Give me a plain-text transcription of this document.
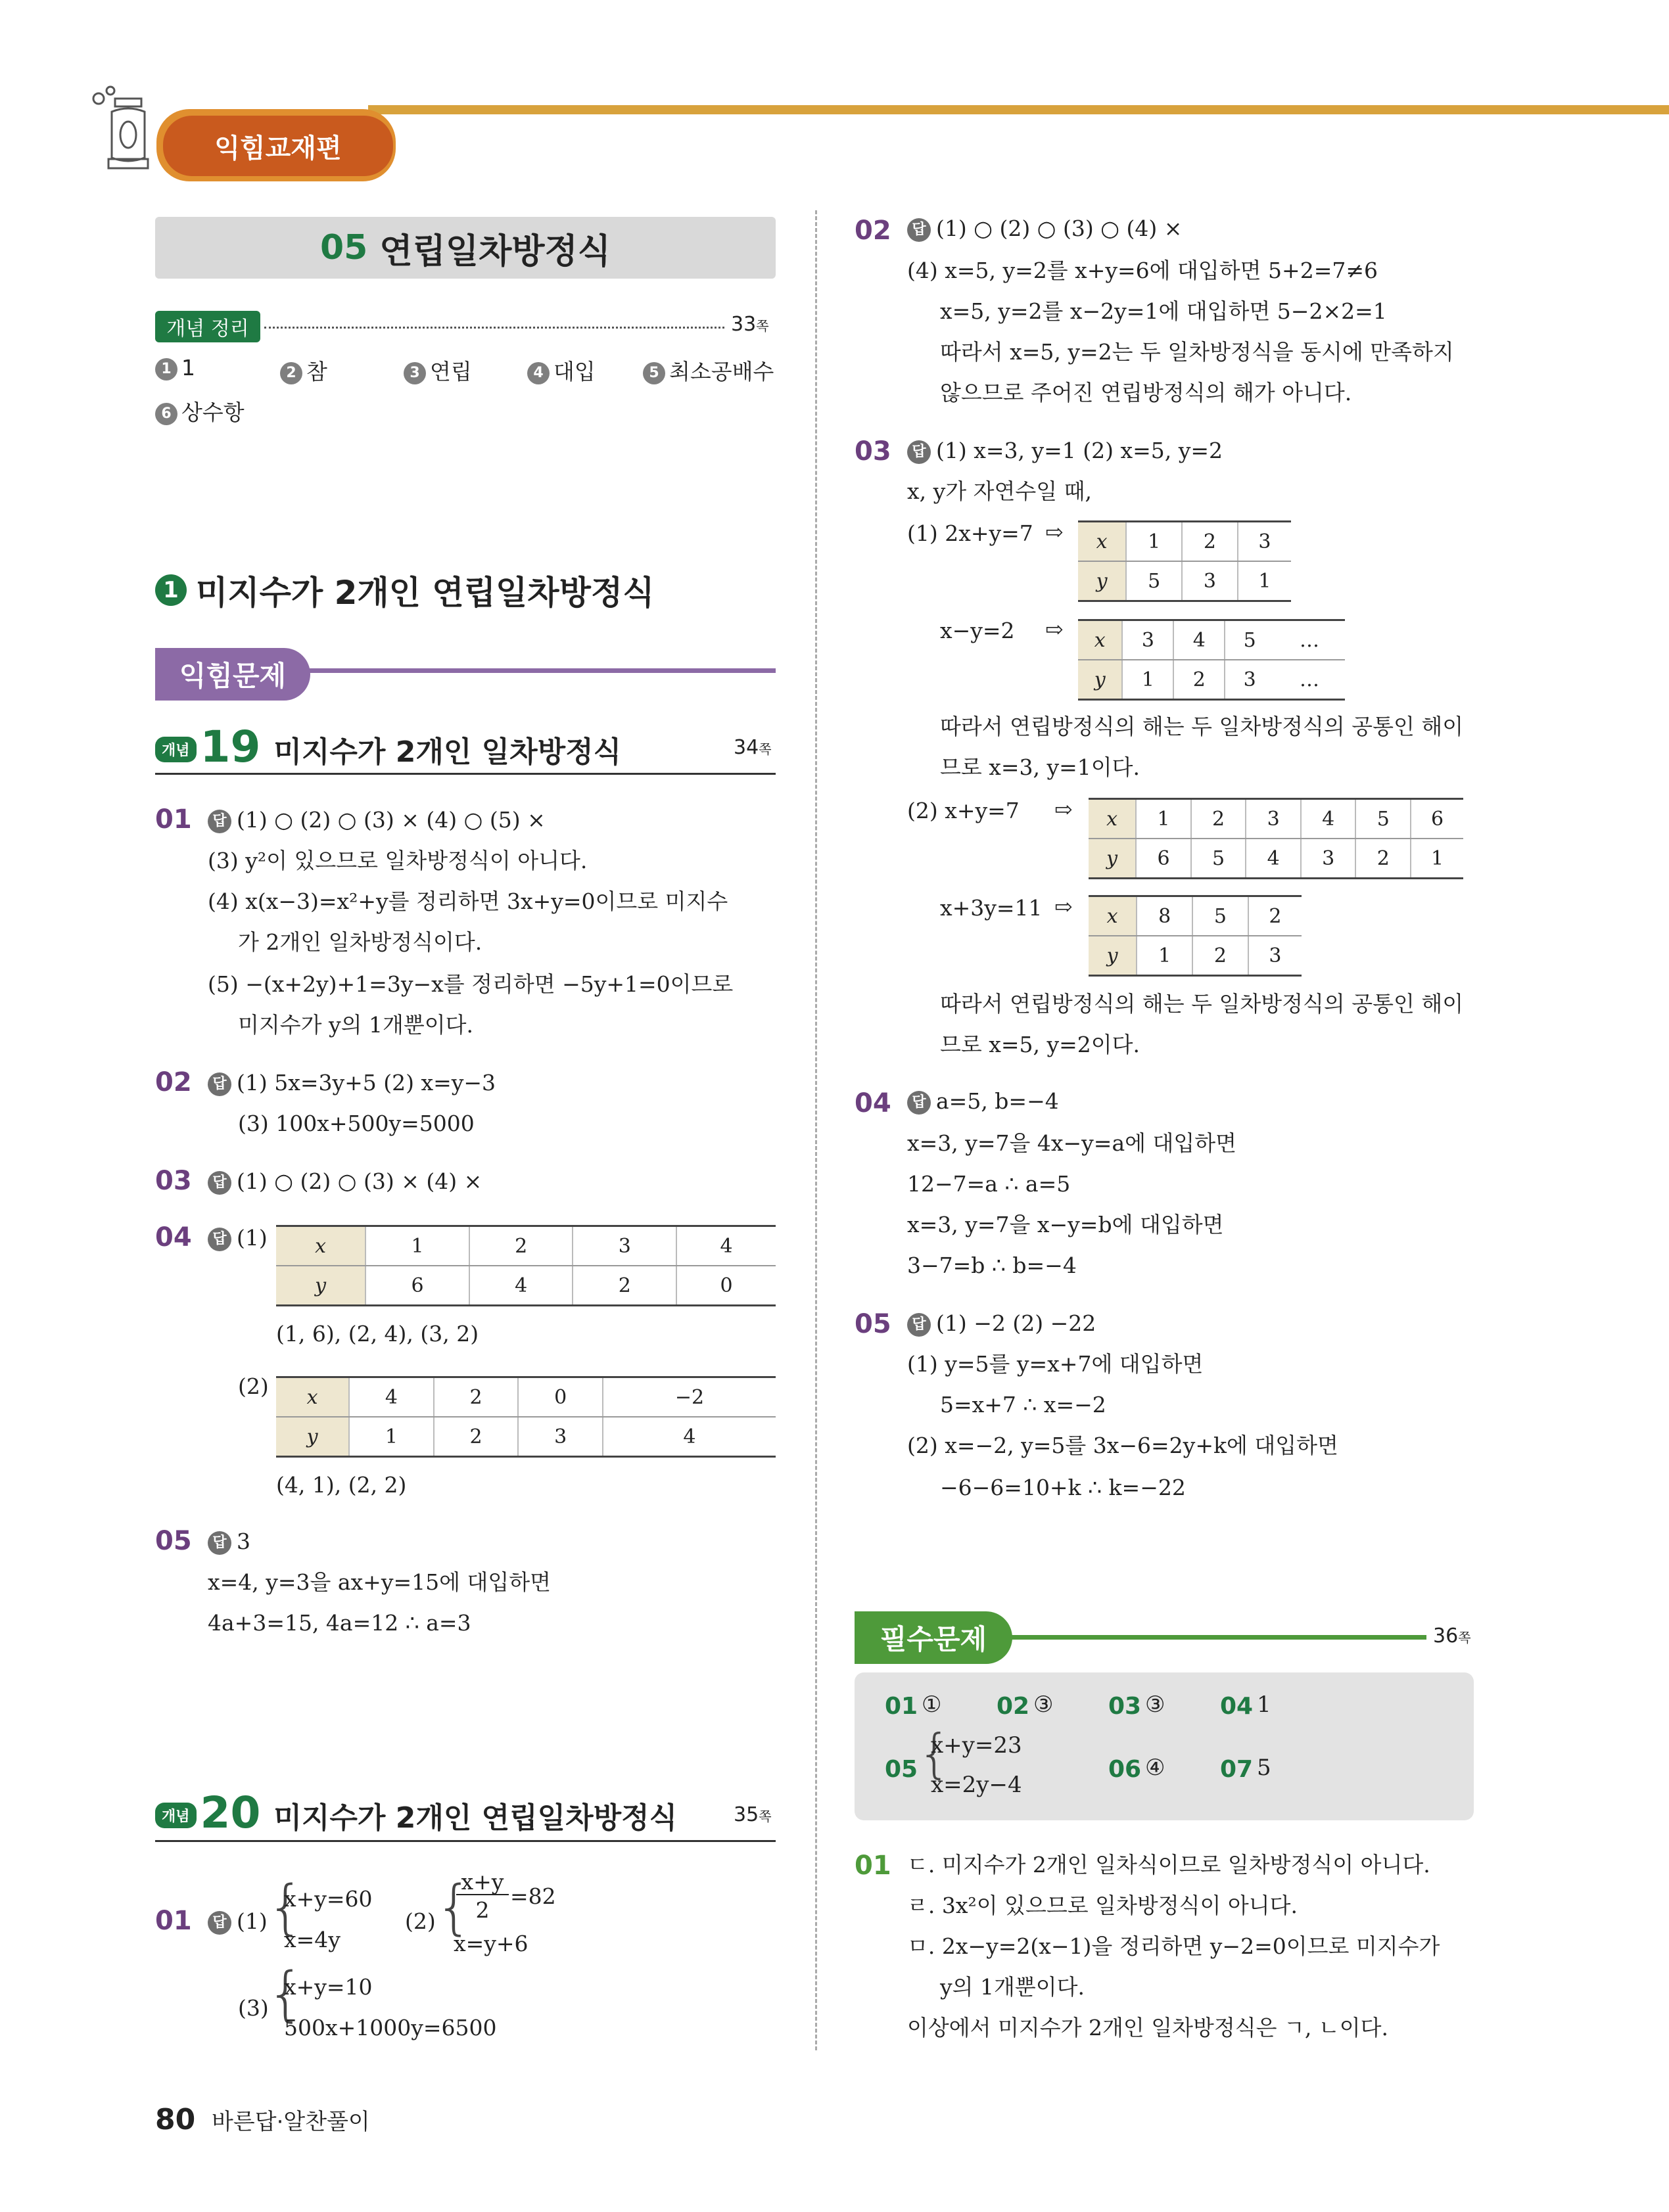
익힘교재편
05 연립일차방정식
개념 정리	33쪽
1 1	2 참	3 연립	4 대입	5 최소공배수
6 상수항
1 미지수가 2개인 연립일차방정식
익힘문제
개념 19 미지수가 2개인 일차방정식	34쪽
01	답 (1) ○ (2) ○ (3) × (4) ○ (5) ×
(3) y²이 있으므로 일차방정식이 아니다.
(4) x(x−3)=x²+y를 정리하면 3x+y=0이므로 미지수
가 2개인 일차방정식이다.
(5) −(x+2y)+1=3y−x를 정리하면 −5y+1=0이므로
미지수가 y의 1개뿐이다.
02	답 (1) 5x=3y+5 (2) x=y−3
(3) 100x+500y=5000
03	답 (1) ○ (2) ○ (3) × (4) ×
04	답 (1) x	1	2	3	4
y	6	4	2	0
(1, 6), (2, 4), (3, 2)
(2) x	4	2	0	−2
y	1	2	3	4
(4, 1), (2, 2)
05	답 3
x=4, y=3을 ax+y=15에 대입하면
4a+3=15, 4a=12 ∴ a=3
개념 20 미지수가 2개인 연립일차방정식	35쪽
01	답 (1) {
x+y=60
x=4y
(2) {
x+y
2
=82
x=y+6
(3)
{
x+y=10
500x+1000y=6500
02	답 (1) ○ (2) ○ (3) ○ (4) ×
(4) x=5, y=2를 x+y=6에 대입하면 5+2=7≠6
x=5, y=2를 x−2y=1에 대입하면 5−2×2=1
따라서 x=5, y=2는 두 일차방정식을 동시에 만족하지
않으므로 주어진 연립방정식의 해가 아니다.
03	답 (1) x=3, y=1 (2) x=5, y=2
x, y가 자연수일 때,
(1) 2x+y=7 ⇨ x	1	2	3
y	5	3	1
x−y=2 ⇨ x	3	4	5	…
y	1	2	3	…
따라서 연립방정식의 해는 두 일차방정식의 공통인 해이
므로 x=3, y=1이다.
(2) x+y=7 ⇨ x	1	2	3	4	5	6
y	6	5	4	3	2	1
x+3y=11 ⇨ x	8	5	2
y	1	2	3
따라서 연립방정식의 해는 두 일차방정식의 공통인 해이
므로 x=5, y=2이다.
04	답 a=5, b=−4
x=3, y=7을 4x−y=a에 대입하면
12−7=a ∴ a=5
x=3, y=7을 x−y=b에 대입하면
3−7=b ∴ b=−4
05	답 (1) −2 (2) −22
(1) y=5를 y=x+7에 대입하면
5=x+7 ∴ x=−2
(2) x=−2, y=5를 3x−6=2y+k에 대입하면
−6−6=10+k ∴ k=−22
필수문제	36쪽
01 ① 02 ③ 03 ③ 04 1
05 {
x+y=23
x=2y−4
06 ④ 07 5
01 ㄷ. 미지수가 2개인 일차식이므로 일차방정식이 아니다.
ㄹ. 3x²이 있으므로 일차방정식이 아니다.
ㅁ. 2x−y=2(x−1)을 정리하면 y−2=0이므로 미지수가
y의 1개뿐이다.
이상에서 미지수가 2개인 일차방정식은 ㄱ, ㄴ이다.
80 바른답·알찬풀이
